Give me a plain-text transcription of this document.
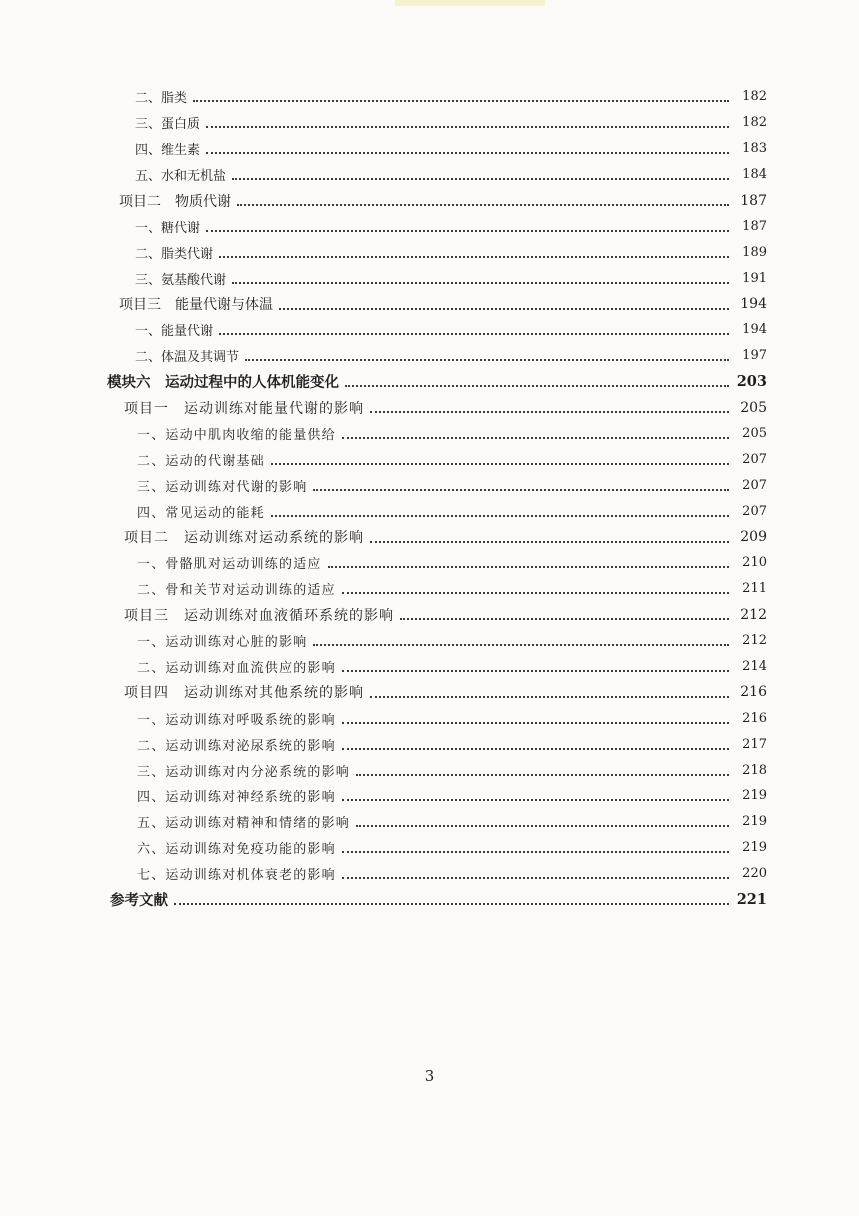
二、脂类	182
三、蛋白质	182
四、维生素	183
五、水和无机盐	184
项目二　物质代谢	187
一、糖代谢	187
二、脂类代谢	189
三、氨基酸代谢	191
项目三　能量代谢与体温	194
一、能量代谢	194
二、体温及其调节	197
模块六　运动过程中的人体机能变化	203
项目一　运动训练对能量代谢的影响	205
一、运动中肌肉收缩的能量供给	205
二、运动的代谢基础	207
三、运动训练对代谢的影响	207
四、常见运动的能耗	207
项目二　运动训练对运动系统的影响	209
一、骨骼肌对运动训练的适应	210
二、骨和关节对运动训练的适应	211
项目三　运动训练对血液循环系统的影响	212
一、运动训练对心脏的影响	212
二、运动训练对血流供应的影响	214
项目四　运动训练对其他系统的影响	216
一、运动训练对呼吸系统的影响	216
二、运动训练对泌尿系统的影响	217
三、运动训练对内分泌系统的影响	218
四、运动训练对神经系统的影响	219
五、运动训练对精神和情绪的影响	219
六、运动训练对免疫功能的影响	219
七、运动训练对机体衰老的影响	220
参考文献	221
3
